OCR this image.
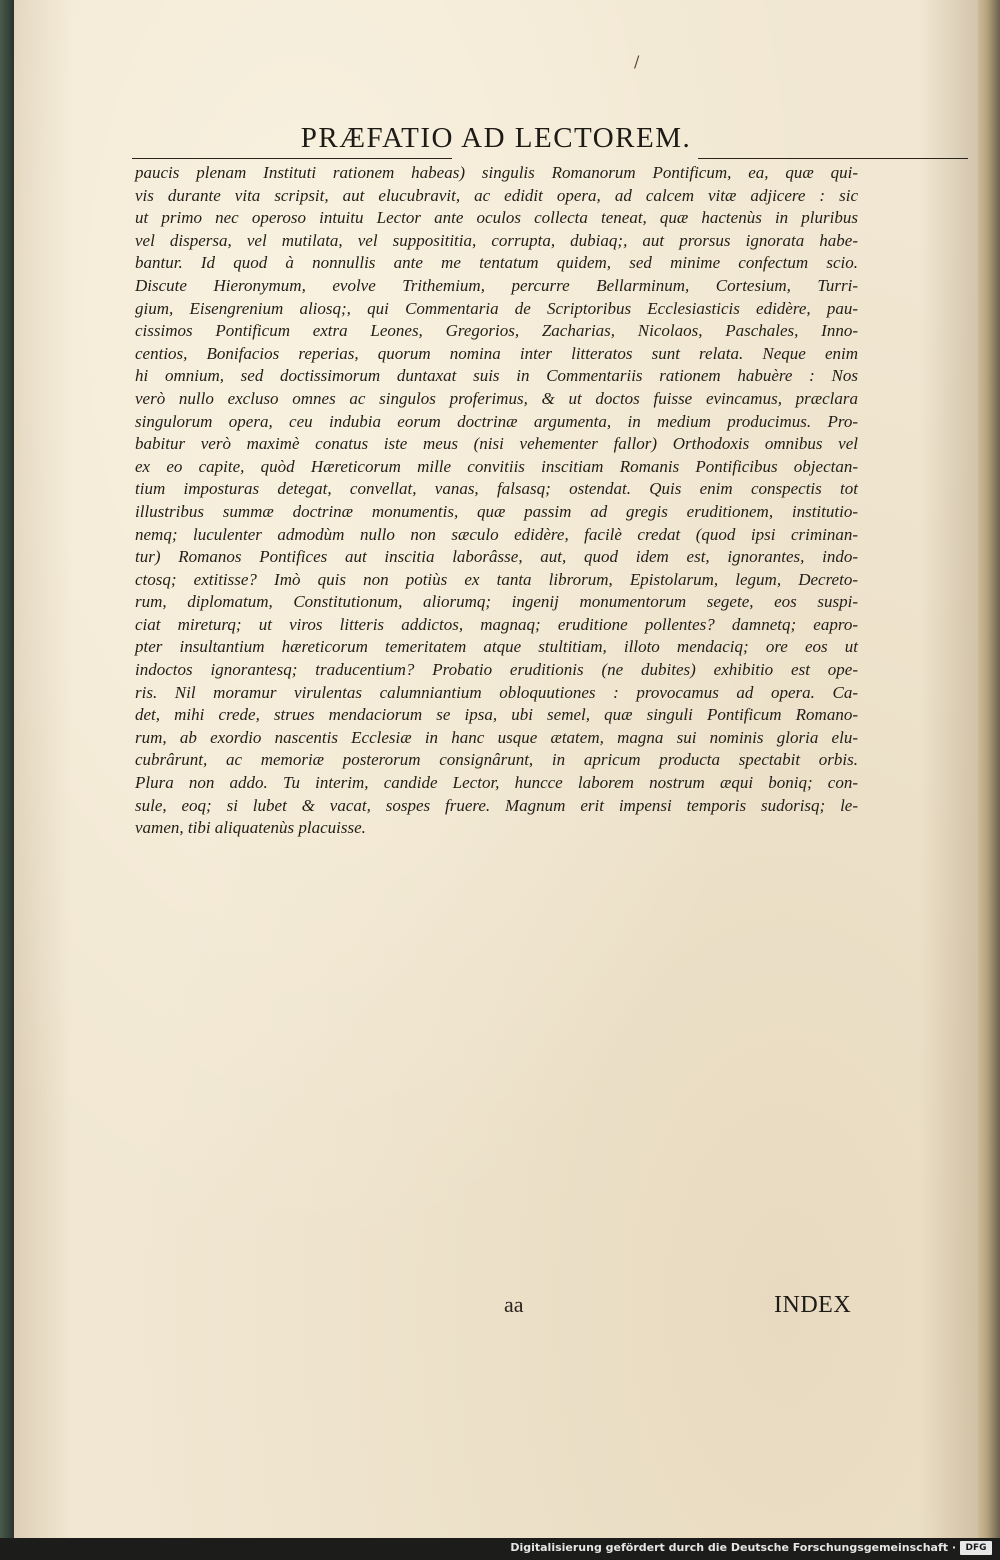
/
PRÆFATIO AD LECTOREM.
paucis plenam Instituti rationem habeas) singulis Romanorum Pontificum, ea, quæ qui-
vis durante vita scripsit, aut elucubravit, ac edidit opera, ad calcem vitæ adjicere : sic
ut primo nec operoso intuitu Lector ante oculos collecta teneat, quæ hactenùs in pluribus
vel dispersa, vel mutilata, vel supposititia, corrupta, dubiaq;, aut prorsus ignorata habe-
bantur. Id quod à nonnullis ante me tentatum quidem, sed minime confectum scio.
Discute Hieronymum, evolve Trithemium, percurre Bellarminum, Cortesium, Turri-
gium, Eisengrenium aliosq;, qui Commentaria de Scriptoribus Ecclesiasticis edidère, pau-
cissimos Pontificum extra Leones, Gregorios, Zacharias, Nicolaos, Paschales, Inno-
centios, Bonifacios reperias, quorum nomina inter litteratos sunt relata. Neque enim
hi omnium, sed doctissimorum duntaxat suis in Commentariis rationem habuère : Nos
verò nullo excluso omnes ac singulos proferimus, & ut doctos fuisse evincamus, præclara
singulorum opera, ceu indubia eorum doctrinæ argumenta, in medium producimus. Pro-
babitur verò maximè conatus iste meus (nisi vehementer fallor) Orthodoxis omnibus vel
ex eo capite, quòd Hæreticorum mille convitiis inscitiam Romanis Pontificibus objectan-
tium imposturas detegat, convellat, vanas, falsasq; ostendat. Quis enim conspectis tot
illustribus summæ doctrinæ monumentis, quæ passim ad gregis eruditionem, institutio-
nemq; luculenter admodùm nullo non sæculo edidère, facilè credat (quod ipsi criminan-
tur) Romanos Pontifices aut inscitia laborâsse, aut, quod idem est, ignorantes, indo-
ctosq; extitisse? Imò quis non potiùs ex tanta librorum, Epistolarum, legum, Decreto-
rum, diplomatum, Constitutionum, aliorumq; ingenij monumentorum segete, eos suspi-
ciat mireturq; ut viros litteris addictos, magnaq; eruditione pollentes? damnetq; eapro-
pter insultantium hæreticorum temeritatem atque stultitiam, illoto mendaciq; ore eos ut
indoctos ignorantesq; traducentium? Probatio eruditionis (ne dubites) exhibitio est ope-
ris. Nil moramur virulentas calumniantium obloquutiones : provocamus ad opera. Ca-
det, mihi crede, strues mendaciorum se ipsa, ubi semel, quæ singuli Pontificum Romano-
rum, ab exordio nascentis Ecclesiæ in hanc usque ætatem, magna sui nominis gloria elu-
cubrârunt, ac memoriæ posterorum consignârunt, in apricum producta spectabit orbis.
Plura non addo. Tu interim, candide Lector, huncce laborem nostrum æqui boniq; con-
sule, eoq; si lubet & vacat, sospes fruere. Magnum erit impensi temporis sudorisq; le-
vamen, tibi aliquatenùs placuisse.
aa	INDEX
Digitalisierung gefördert durch die Deutsche Forschungsgemeinschaft ·	DFG
